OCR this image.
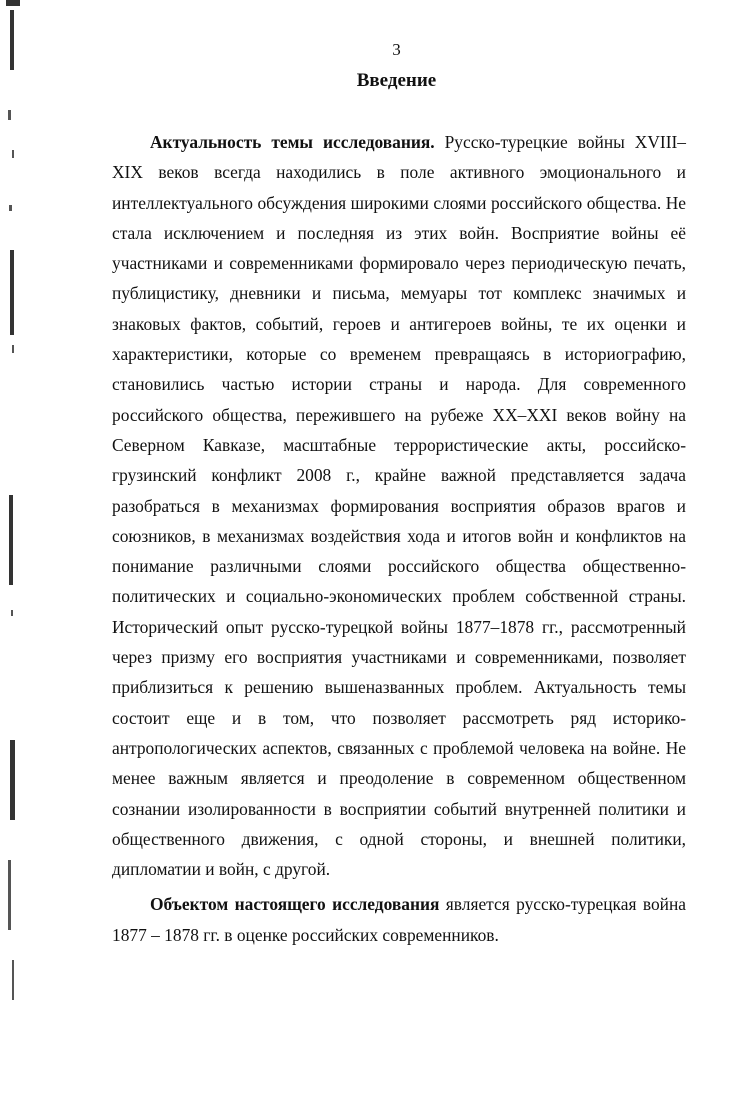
3
Введение

Актуальность темы исследования. Русско-турецкие войны XVIII–XIX веков всегда находились в поле активного эмоционального и интеллектуального обсуждения широкими слоями российского общества. Не стала исключением и последняя из этих войн. Восприятие войны её участниками и современниками формировало через периодическую печать, публицистику, дневники и письма, мемуары тот комплекс значимых и знаковых фактов, событий, героев и антигероев войны, те их оценки и характеристики, которые со временем превращаясь в историографию, становились частью истории страны и народа. Для современного российского общества, пережившего на рубеже XX–XXI веков войну на Северном Кавказе, масштабные террористические акты, российско-грузинский конфликт 2008 г., крайне важной представляется задача разобраться в механизмах формирования восприятия образов врагов и союзников, в механизмах воздействия хода и итогов войн и конфликтов на понимание различными слоями российского общества общественно-политических и социально-экономических проблем собственной страны. Исторический опыт русско-турецкой войны 1877–1878 гг., рассмотренный через призму его восприятия участниками и современниками, позволяет приблизиться к решению вышеназванных проблем. Актуальность темы состоит еще и в том, что позволяет рассмотреть ряд историко-антропологических аспектов, связанных с проблемой человека на войне. Не менее важным является и преодоление в современном общественном сознании изолированности в восприятии событий внутренней политики и общественного движения, с одной стороны, и внешней политики, дипломатии и войн, с другой.

Объектом настоящего исследования является русско-турецкая война 1877 – 1878 гг. в оценке российских современников.
